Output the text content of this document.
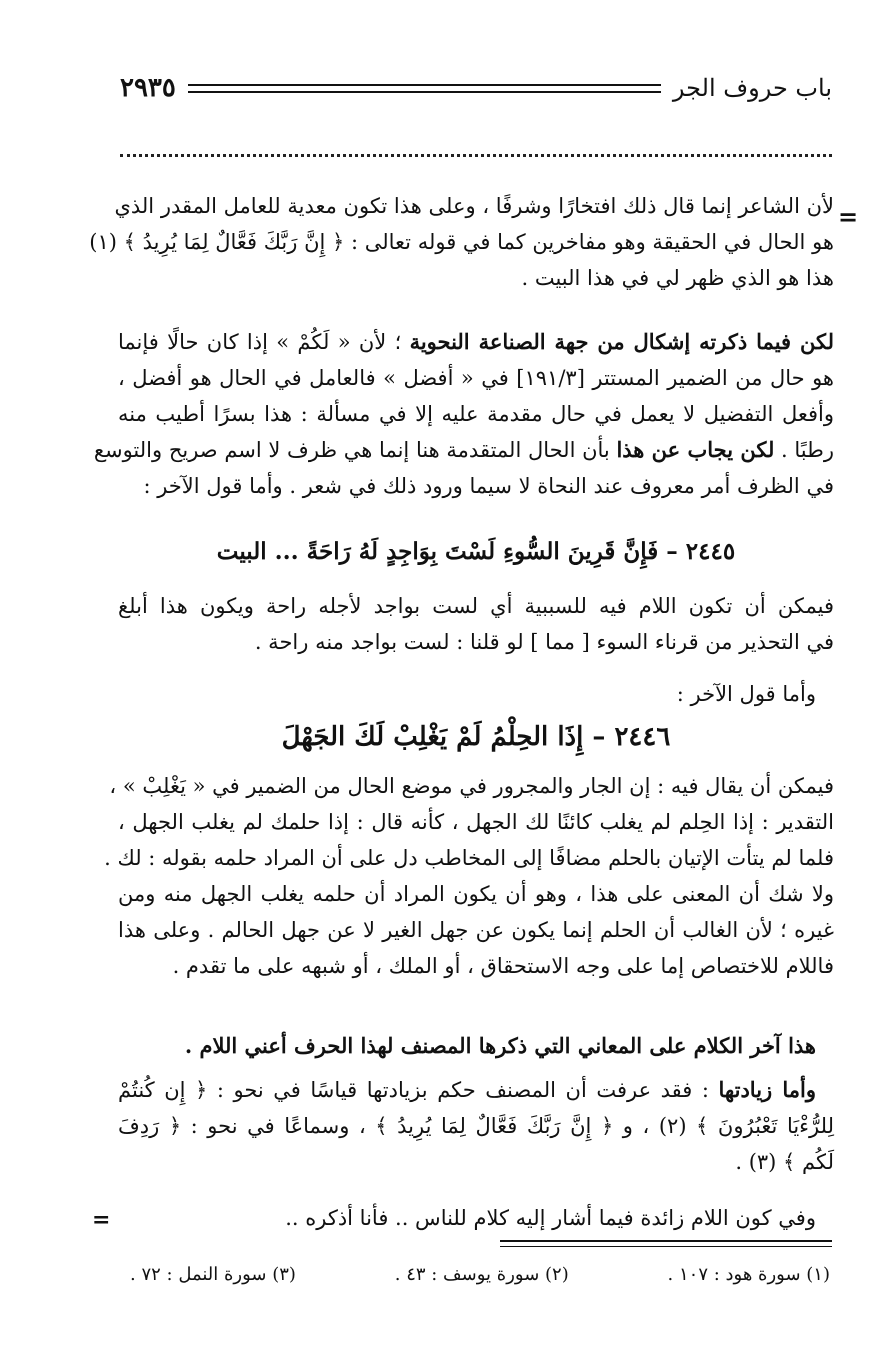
باب حروف الجر
٢٩٣٥
=
لأن الشاعر إنما قال ذلك افتخارًا وشرفًا ، وعلى هذا تكون معدية للعامل المقدر الذي
هو الحال في الحقيقة وهو مفاخرين كما في قوله تعالى : ﴿ إِنَّ رَبَّكَ فَعَّالٌ لِمَا يُرِيدُ ﴾ (١)
هذا هو الذي ظهر لي في هذا البيت .
لكن فيما ذكرته إشكال من جهة الصناعة النحوية ؛ لأن « لَكُمْ » إذا كان حالًا فإنما
هو حال من الضمير المستتر [١٩١/٣] في « أفضل » فالعامل في الحال هو أفضل ،
وأفعل التفضيل لا يعمل في حال مقدمة عليه إلا في مسألة : هذا بسرًا أطيب منه
رطبًا . لكن يجاب عن هذا بأن الحال المتقدمة هنا إنما هي ظرف لا اسم صريح والتوسع
في الظرف أمر معروف عند النحاة لا سيما ورود ذلك في شعر . وأما قول الآخر :
٢٤٤٥ – فَإِنَّ قَرِينَ السُّوءِ لَسْتَ بِوَاجِدٍ لَهُ رَاحَةً ... البيت
فيمكن أن تكون اللام فيه للسببية أي لست بواجد لأجله راحة ويكون هذا أبلغ
في التحذير من قرناء السوء [ مما ] لو قلنا : لست بواجد منه راحة .
وأما قول الآخر :
٢٤٤٦ – إِذَا الحِلْمُ لَمْ يَغْلِبْ لَكَ الجَهْلَ
فيمكن أن يقال فيه : إن الجار والمجرور في موضع الحال من الضمير في « يَغْلِبْ » ،
التقدير : إذا الحِلم لم يغلب كائنًا لك الجهل ، كأنه قال : إذا حلمك لم يغلب الجهل ،
فلما لم يتأت الإتيان بالحلم مضافًا إلى المخاطب دل على أن المراد حلمه بقوله : لك .
ولا شك أن المعنى على هذا ، وهو أن يكون المراد أن حلمه يغلب الجهل منه ومن
غيره ؛ لأن الغالب أن الحلم إنما يكون عن جهل الغير لا عن جهل الحالم . وعلى هذا
فاللام للاختصاص إما على وجه الاستحقاق ، أو الملك ، أو شبهه على ما تقدم .
هذا آخر الكلام على المعاني التي ذكرها المصنف لهذا الحرف أعني اللام .
وأما زيادتها : فقد عرفت أن المصنف حكم بزيادتها قياسًا في نحو : ﴿ إِن كُنتُمْ
لِلرُّءْيَا تَعْبُرُونَ ﴾ (٢) ، و ﴿ إِنَّ رَبَّكَ فَعَّالٌ لِمَا يُرِيدُ ﴾ ، وسماعًا في نحو : ﴿ رَدِفَ
لَكُم ﴾ (٣) .
وفي كون اللام زائدة فيما أشار إليه كلام للناس .. فأنا أذكره ..
=
(١) سورة هود : ١٠٧ .
(٢) سورة يوسف : ٤٣ .
(٣) سورة النمل : ٧٢ .
